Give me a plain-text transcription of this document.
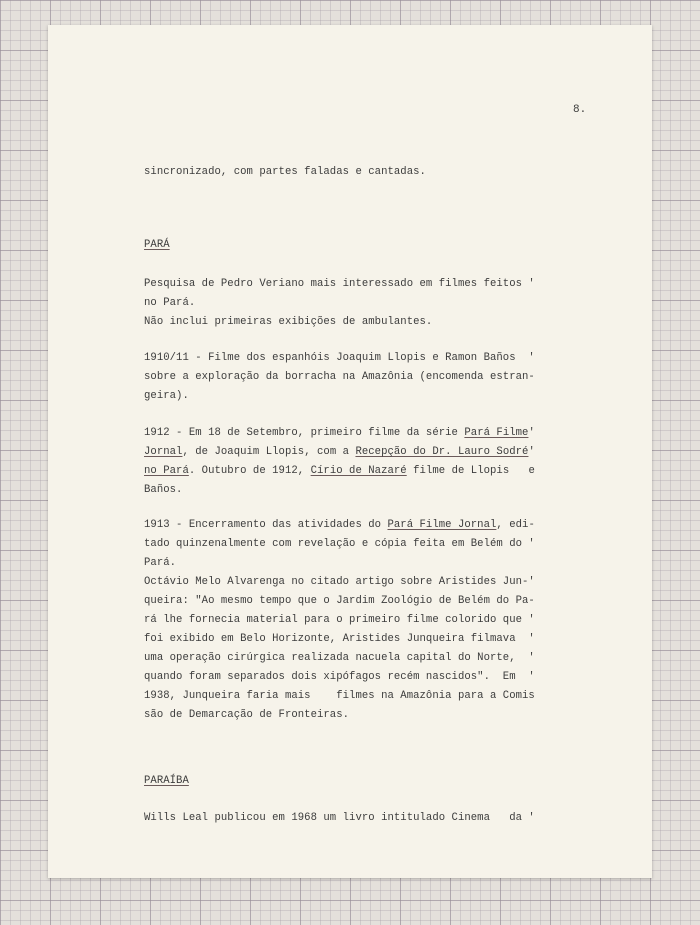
8.
sincronizado, com partes faladas e cantadas.
PARÁ
Pesquisa de Pedro Veriano mais interessado em filmes feitos '
no Pará.
Não inclui primeiras exibições de ambulantes.
1910/11 - Filme dos espanhóis Joaquim Llopis e Ramon Baños  '
sobre a exploração da borracha na Amazônia (encomenda estran-
geira).
1912 - Em 18 de Setembro, primeiro filme da série Pará Filme'
Jornal, de Joaquim Llopis, com a Recepção do Dr. Lauro Sodré'
no Pará. Outubro de 1912, Círio de Nazaré filme de Llopis   e
Baños.
1913 - Encerramento das atividades do Pará Filme Jornal, edi-
tado quinzenalmente com revelação e cópia feita em Belém do '
Pará.
Octávio Melo Alvarenga no citado artigo sobre Aristides Jun-'
queira: "Ao mesmo tempo que o Jardim Zoológio de Belém do Pa-
rá lhe fornecia material para o primeiro filme colorido que '
foi exibido em Belo Horizonte, Aristides Junqueira filmava  '
uma operação cirúrgica realizada nacuela capital do Norte,  '
quando foram separados dois xipófagos recém nascidos".  Em  '
1938, Junqueira faria mais    filmes na Amazônia para a Comis
são de Demarcação de Fronteiras.
PARAÍBA
Wills Leal publicou em 1968 um livro intitulado Cinema   da '
